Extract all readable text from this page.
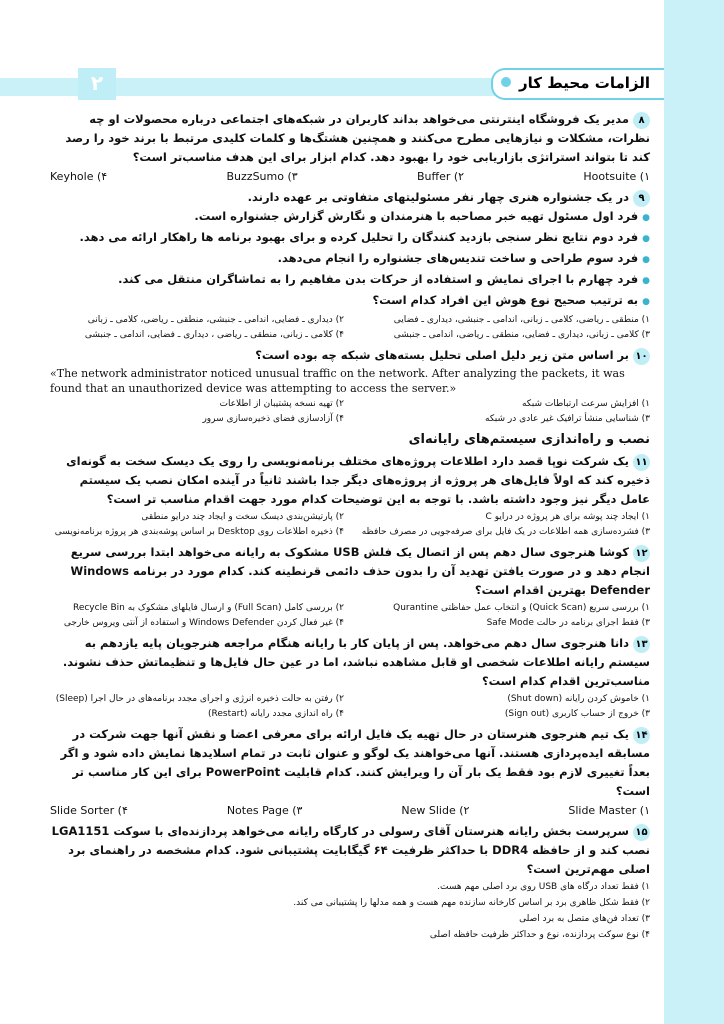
۲	الزامات محیط کار

۸مدیر یک فروشگاه اینترنتی می‌خواهد بداند کاربران در شبکه‌های اجتماعی درباره محصولات او چه نظرات، مشکلات و نیازهایی مطرح می‌کنند و همچنین هشتگ‌ها و کلمات کلیدی مرتبط با برند خود را رصد کند تا بتواند استراتژی بازاریابی خود را بهبود دهد. کدام ابزار برای این هدف مناسب‌تر است؟

۱) Hootsuite
۲) Buffer
۳) BuzzSumo
۴) Keyhole

۹در یک جشنواره هنری چهار نفر مسئولیتهای متفاوتی بر عهده دارند.

● فرد اول مسئول تهیه خبر مصاحبه با هنرمندان و نگارش گزارش جشنواره است.
● فرد دوم نتایج نظر سنجی بازدید کنندگان را تحلیل کرده و برای بهبود برنامه ها راهکار ارائه می دهد.
● فرد سوم طراحی و ساخت تندیس‌های جشنواره را انجام می‌دهد.
● فرد چهارم با اجرای نمایش و استفاده از حرکات بدن مفاهیم را به تماشاگران منتقل می کند.
● به ترتیب صحیح نوع هوش این افراد کدام است؟
۱) منطقی ـ ریاضی، کلامی ـ زبانی، اندامی ـ جنبشی، دیداری ـ فضایی
۲) دیداری ـ فضایی، اندامی ـ جنبشی، منطقی ـ ریاضی، کلامی ـ زبانی
۳) کلامی ـ زبانی، دیداری ـ فضایی، منطقی ـ ریاضی، اندامی ـ جنبشی
۴) کلامی ـ زبانی، منطقی ـ ریاضی ، دیداری ـ فضایی، اندامی ـ جنبشی

۱۰بر اساس متن زیر دلیل اصلی تحلیل بسته‌های شبکه چه بوده است؟

«The network administrator noticed unusual traffic on the network. After analyzing the packets, it was found that an unauthorized device was attempting to access the server.»
۱) افزایش سرعت ارتباطات شبکه
۲) تهیه نسخه پشتیبان از اطلاعات
۳) شناسایی منشأ ترافیک غیر عادی در شبکه
۴) آزادسازی فضای ذخیره‌سازی سرور
نصب و راه‌اندازی سیستم‌های رایانه‌ای

۱۱یک شرکت نوپا قصد دارد اطلاعات پروژه‌های مختلف برنامه‌نویسی را روی یک دیسک سخت به گونه‌ای ذخیره کند که اولاً فایل‌های هر پروژه از پروژه‌های دیگر جدا باشند ثانیاً در آینده امکان نصب یک سیستم عامل دیگر نیز وجود داشته باشد. با توجه به این توضیحات کدام مورد جهت اقدام مناسب تر است؟

۱) ایجاد چند پوشه برای هر پروژه در درایو C
۲) پارتیشن‌بندی دیسک سخت و ایجاد چند درایو منطقی
۳) فشرده‌سازی همه اطلاعات در یک فایل برای صرفه‌جویی در مصرف حافظه
۴) ذخیره اطلاعات روی Desktop بر اساس پوشه‌بندی هر پروژه برنامه‌نویسی

۱۲کوشا هنرجوی سال دهم پس از اتصال یک فلش USB مشکوک به رایانه می‌خواهد ابتدا بررسی سریع انجام دهد و در صورت یافتن تهدید آن را بدون حذف دائمی قرنطینه کند. کدام مورد در برنامه Windows Defender بهترین اقدام است؟

۱) بررسی سریع (Quick Scan) و انتخاب عمل حفاظتی Qurantine
۲) بررسی کامل (Full Scan) و ارسال فایلهای مشکوک به Recycle Bin
۳) فقط اجرای برنامه در حالت Safe Mode
۴) غیر فعال کردن Windows Defender و استفاده از آنتی ویروس خارجی

۱۳دانا هنرجوی سال دهم می‌خواهد. پس از پایان کار با رایانه هنگام مراجعه هنرجویان پایه یازدهم به سیستم رایانه اطلاعات شخصی او قابل مشاهده نباشد، اما در عین حال فایل‌ها و تنظیماتش حذف نشوند. مناسب‌ترین اقدام کدام است؟

۱) خاموش کردن رایانه (Shut down)
۲) رفتن به حالت ذخیره انرژی و اجرای مجدد برنامه‌های در حال اجرا (Sleep)
۳) خروج از حساب کاربری (Sign out)
۴) راه اندازی مجدد رایانه (Restart)

۱۴یک تیم هنرجوی هنرستان در حال تهیه یک فایل ارائه برای معرفی اعضا و نقش آنها جهت شرکت در مسابقه ایده‌پردازی هستند. آنها می‌خواهند یک لوگو و عنوان ثابت در تمام اسلایدها نمایش داده شود و اگر بعداً تغییری لازم بود فقط یک بار آن را ویرایش کنند. کدام قابلیت PowerPoint برای این کار مناسب تر است؟

۱) Slide Master
۲) New Slide
۳) Notes Page
۴) Slide Sorter

۱۵سرپرست بخش رایانه هنرستان آقای رسولی در کارگاه رایانه می‌خواهد پردازنده‌ای با سوکت LGA1151 نصب کند و از حافظه DDR4 با حداکثر ظرفیت ۶۴ گیگابایت پشتیبانی شود. کدام مشخصه در راهنمای برد اصلی مهم‌ترین است؟

۱) فقط تعداد درگاه های USB روی برد اصلی مهم هست.
۲) فقط شکل ظاهری برد بر اساس کارخانه سازنده مهم هست و همه مدلها را پشتیبانی می کند.
۳) تعداد فن‌های متصل به برد اصلی
۴) نوع سوکت پردازنده، نوع و حداکثر ظرفیت حافظه اصلی
